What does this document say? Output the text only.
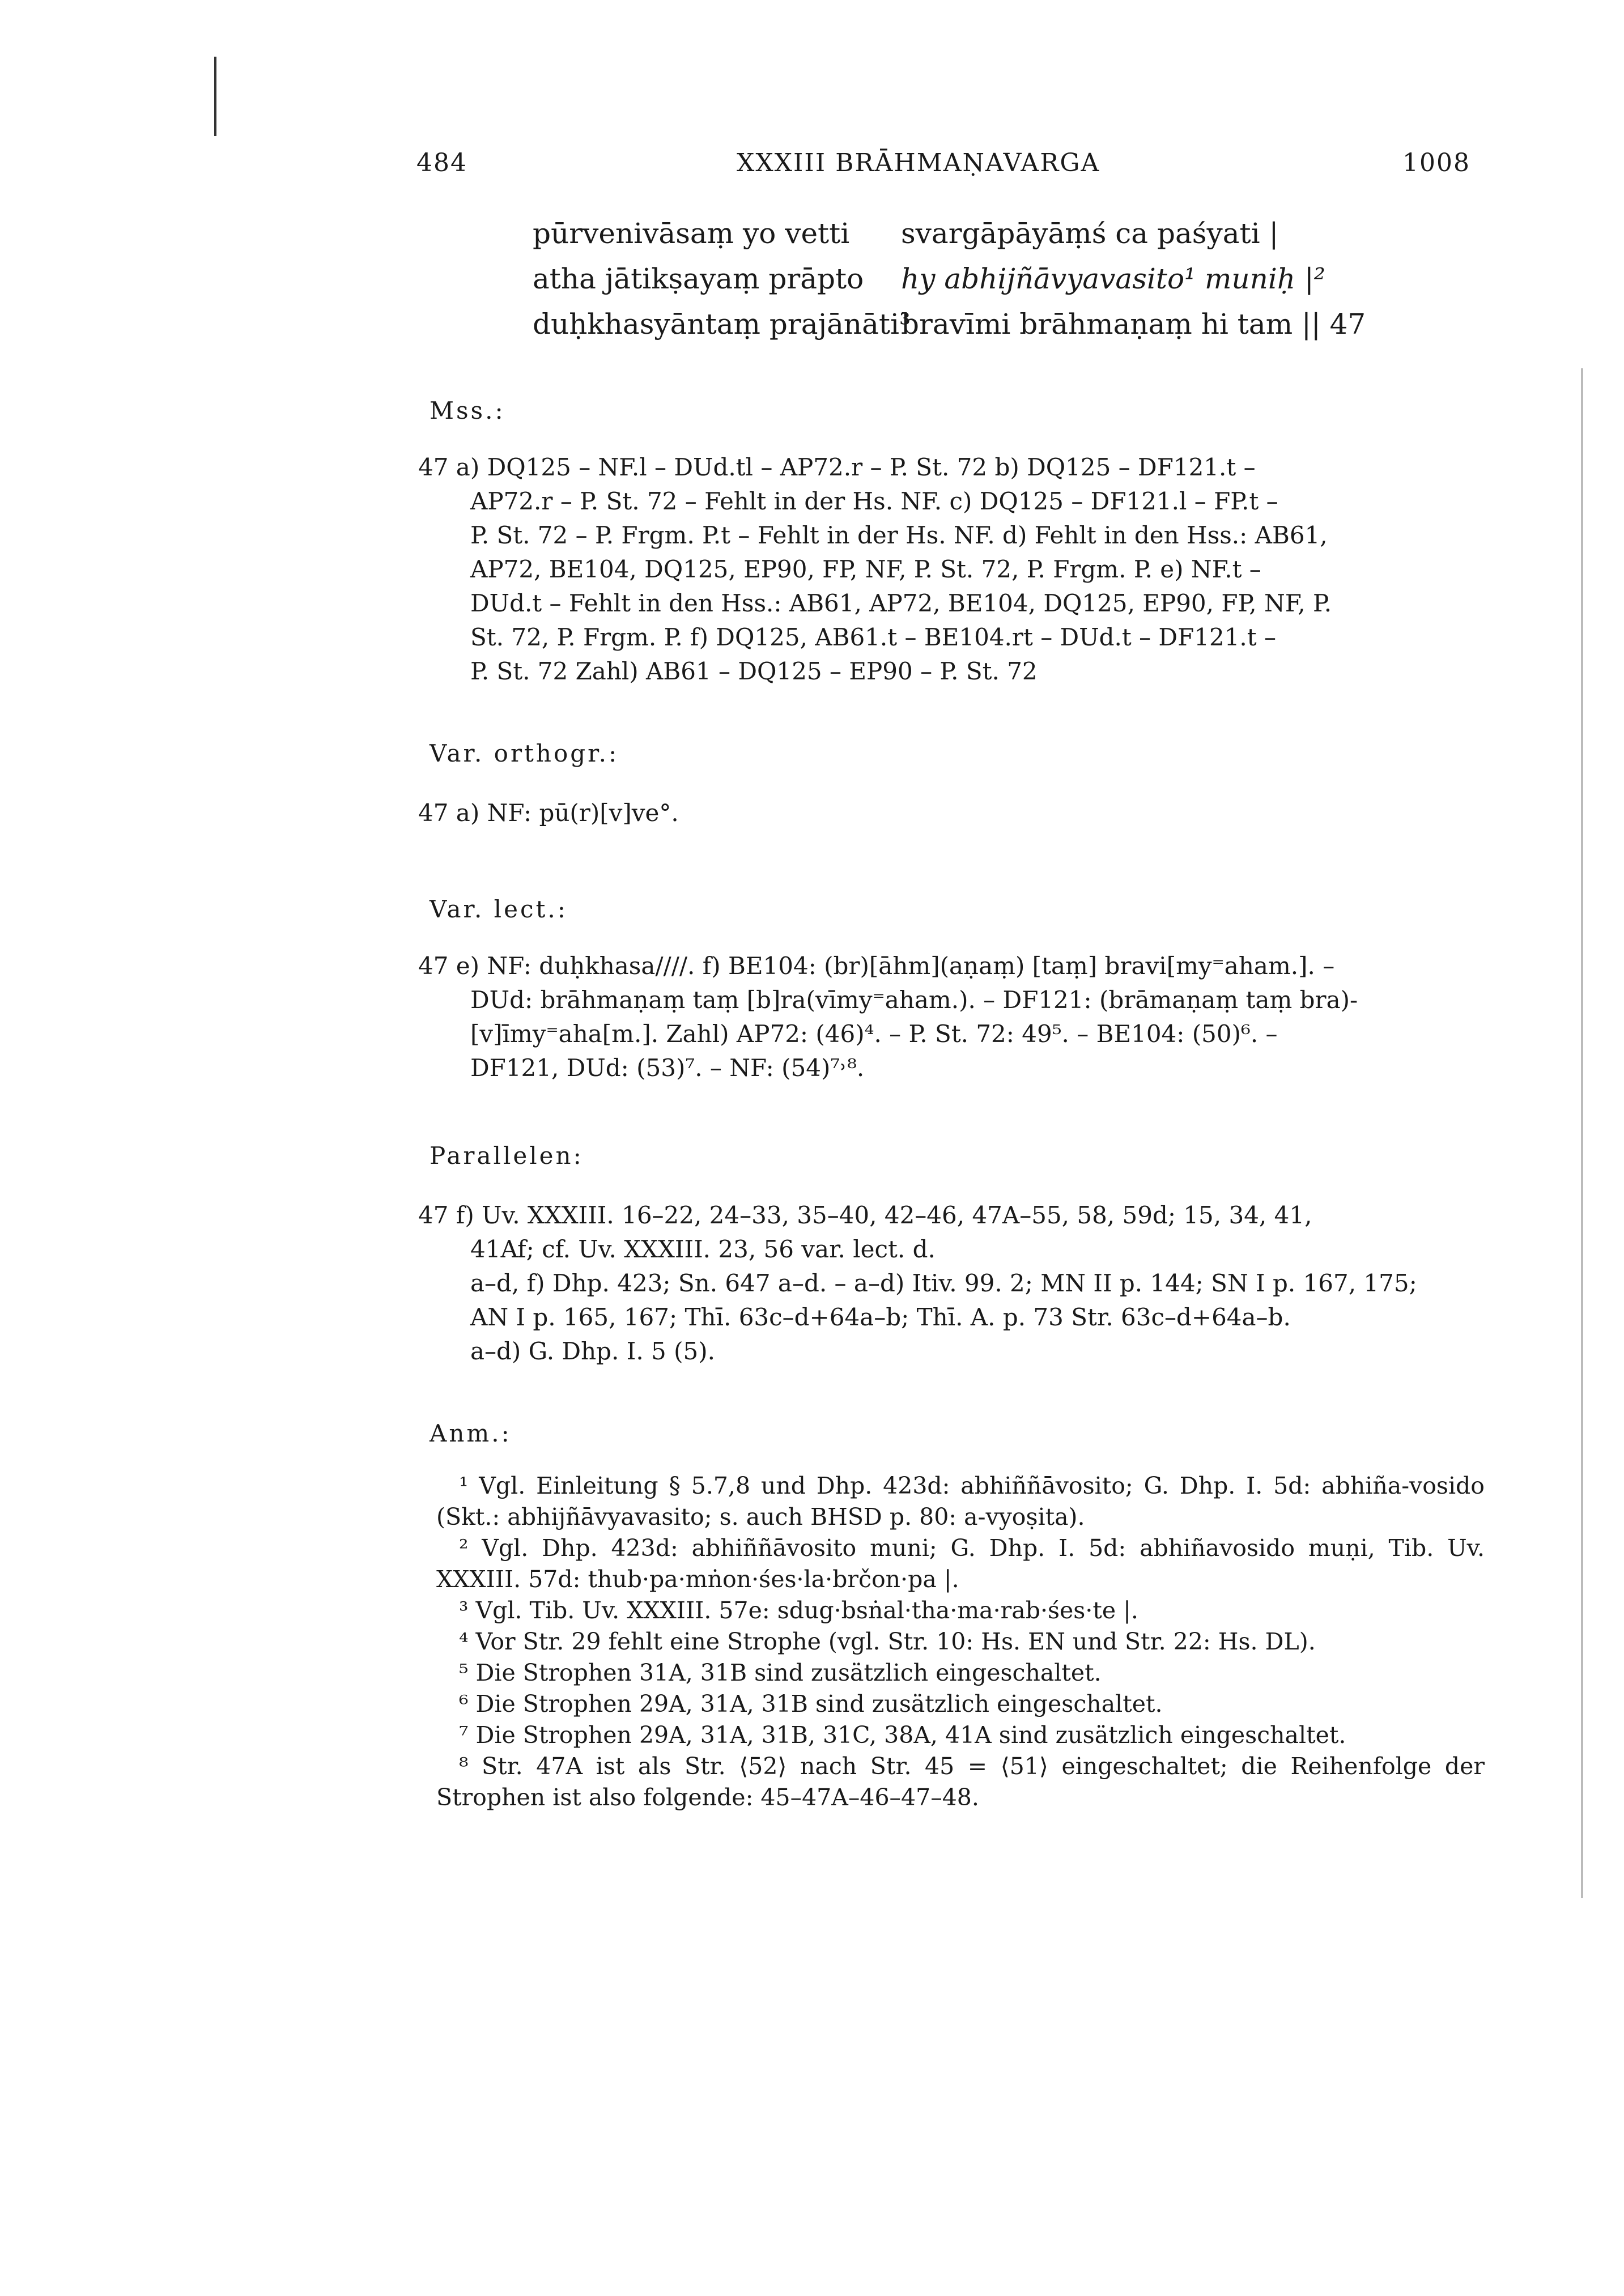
484	XXXIII BRĀHMAṆAVARGA	1008
pūrvenivāsaṃ yo vetti svargāpāyāṃś ca paśyati |
atha jātikṣayaṃ prāpto hy abhijñāvyavasito¹ muniḥ |²
duḥkhasyāntaṃ prajānāti³
bravīmi brāhmaṇaṃ hi tam || 47
Mss.:

47 a) DQ125 – NF.l – DUd.tl – AP72.r – P. St. 72 b) DQ125 – DF121.t –

AP72.r – P. St. 72 – Fehlt in der Hs. NF. c) DQ125 – DF121.l – FP.t –

P. St. 72 – P. Frgm. P.t – Fehlt in der Hs. NF. d) Fehlt in den Hss.: AB61,

AP72, BE104, DQ125, EP90, FP, NF, P. St. 72, P. Frgm. P. e) NF.t –

DUd.t – Fehlt in den Hss.: AB61, AP72, BE104, DQ125, EP90, FP, NF, P.

St. 72, P. Frgm. P. f) DQ125, AB61.t – BE104.rt – DUd.t – DF121.t –

P. St. 72 Zahl) AB61 – DQ125 – EP90 – P. St. 72

Var. orthogr.:

47 a) NF: pū(r)[v]ve°.

Var. lect.:

47 e) NF: duḥkhasa////. f) BE104: (br)[āhm](aṇaṃ) [taṃ] bravi[my⁼aham.]. –

DUd: brāhmaṇaṃ taṃ [b]ra(vīmy⁼aham.). – DF121: (brāmaṇaṃ taṃ bra)-

[v]īmy⁼aha[m.]. Zahl) AP72: (46)⁴. – P. St. 72: 49⁵. – BE104: (50)⁶. –

DF121, DUd: (53)⁷. – NF: (54)⁷˒⁸.

Parallelen:

47 f) Uv. XXXIII. 16–22, 24–33, 35–40, 42–46, 47A–55, 58, 59d; 15, 34, 41,

41Af; cf. Uv. XXXIII. 23, 56 var. lect. d.

a–d, f) Dhp. 423; Sn. 647 a–d. – a–d) Itiv. 99. 2; MN II p. 144; SN I p. 167, 175;

AN I p. 165, 167; Thī. 63c–d+64a–b; Thī. A. p. 73 Str. 63c–d+64a–b.

a–d) G. Dhp. I. 5 (5).

Anm.:

¹ Vgl. Einleitung § 5.7,8 und Dhp. 423d: abhiññāvosito; G. Dhp. I. 5d: abhiña-vosido (Skt.: abhijñāvyavasito; s. auch BHSD p. 80: a-vyoṣita).

² Vgl. Dhp. 423d: abhiññāvosito muni; G. Dhp. I. 5d: abhiñavosido muṇi, Tib. Uv. XXXIII. 57d: thub·pa·mṅon·śes·la·brčon·pa |.

³ Vgl. Tib. Uv. XXXIII. 57e: sdug·bsṅal·tha·ma·rab·śes·te |.

⁴ Vor Str. 29 fehlt eine Strophe (vgl. Str. 10: Hs. EN und Str. 22: Hs. DL).

⁵ Die Strophen 31A, 31B sind zusätzlich eingeschaltet.

⁶ Die Strophen 29A, 31A, 31B sind zusätzlich eingeschaltet.

⁷ Die Strophen 29A, 31A, 31B, 31C, 38A, 41A sind zusätzlich eingeschaltet.

⁸ Str. 47A ist als Str. ⟨52⟩ nach Str. 45 = ⟨51⟩ eingeschaltet; die Reihenfolge der Strophen ist also folgende: 45–47A–46–47–48.
